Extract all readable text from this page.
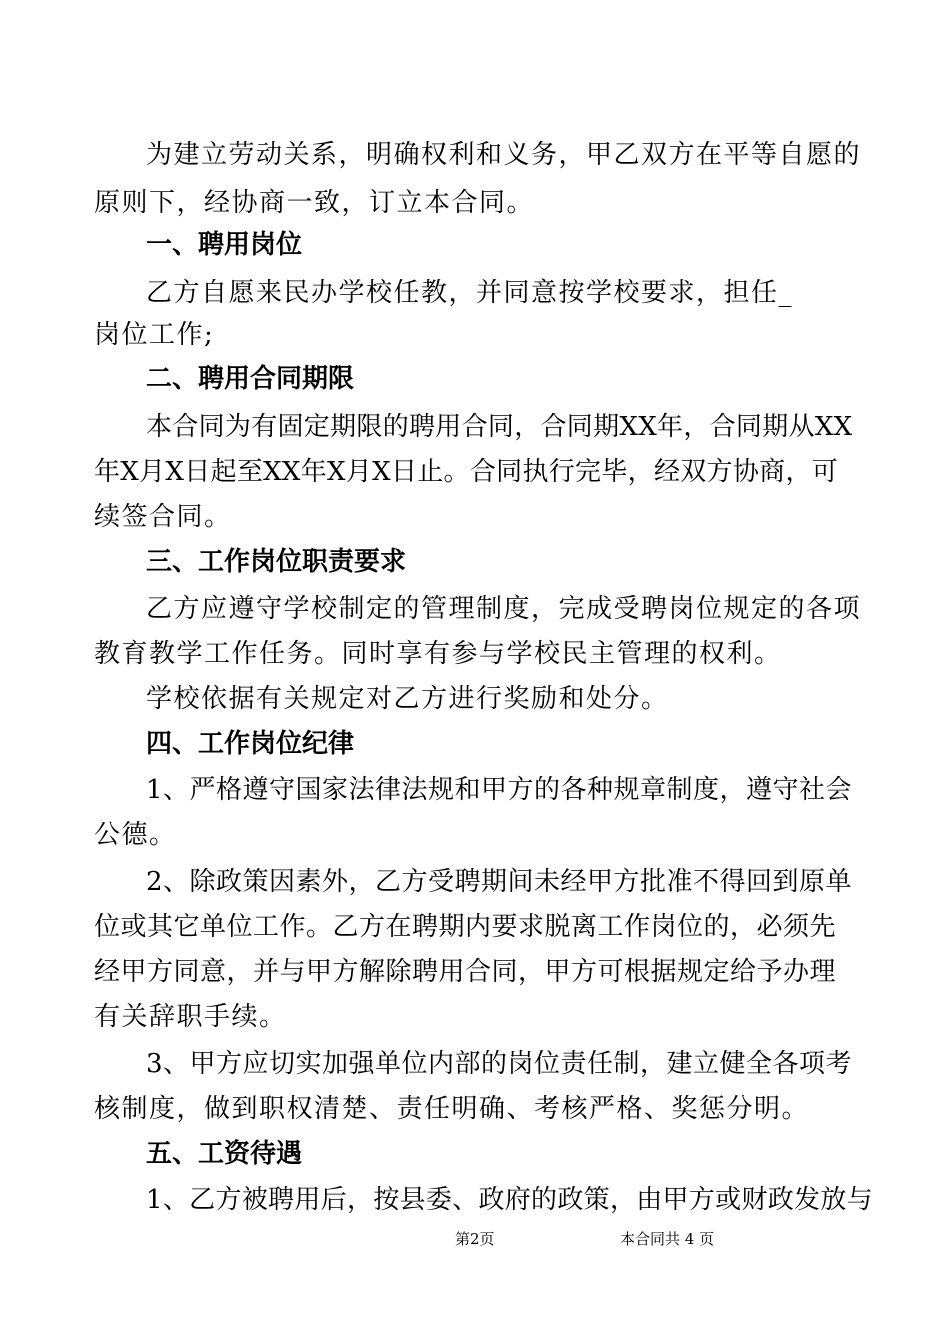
为建立劳动关系，明确权利和义务，甲乙双方在平等自愿的
原则下，经协商一致，订立本合同。
一、聘用岗位
乙方自愿来民办学校任教，并同意按学校要求，担任_
岗位工作;
二、聘用合同期限
本合同为有固定期限的聘用合同，合同期XX年，合同期从XX
年X月X日起至XX年X月X日止。合同执行完毕，经双方协商，可
续签合同。
三、工作岗位职责要求
乙方应遵守学校制定的管理制度，完成受聘岗位规定的各项
教育教学工作任务。同时享有参与学校民主管理的权利。
学校依据有关规定对乙方进行奖励和处分。
四、工作岗位纪律
1、严格遵守国家法律法规和甲方的各种规章制度，遵守社会
公德。
2、除政策因素外，乙方受聘期间未经甲方批准不得回到原单
位或其它单位工作。乙方在聘期内要求脱离工作岗位的，必须先
经甲方同意，并与甲方解除聘用合同，甲方可根据规定给予办理
有关辞职手续。
3、甲方应切实加强单位内部的岗位责任制，建立健全各项考
核制度，做到职权清楚、责任明确、考核严格、奖惩分明。
五、工资待遇
1、乙方被聘用后，按县委、政府的政策，由甲方或财政发放与
第2页	本合同共 4 页
